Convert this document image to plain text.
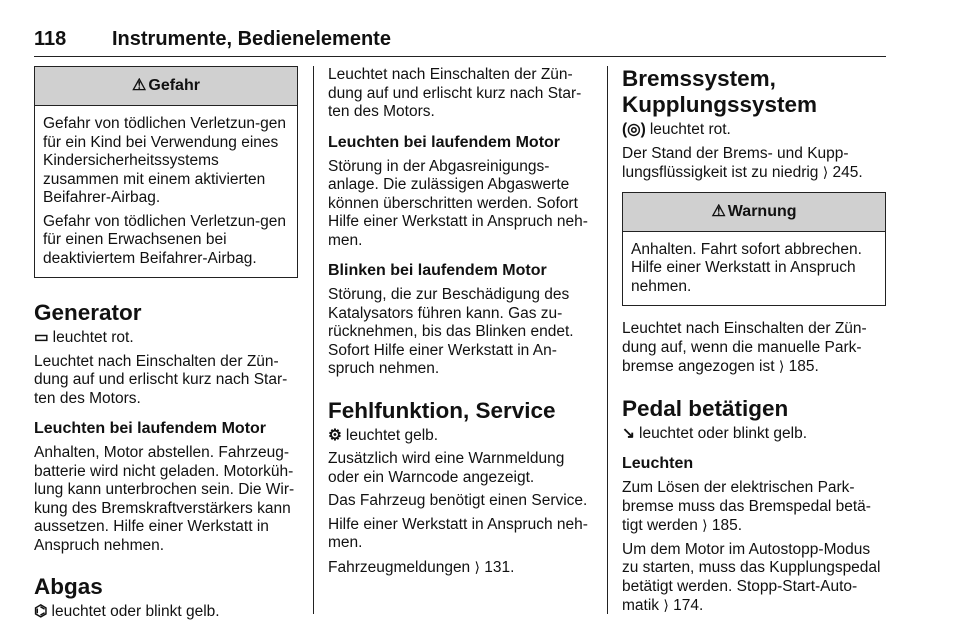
118 Instrumente, Bedienelemente
⚠ Gefahr

Gefahr von tödlichen Verletzun-gen für ein Kind bei Verwendung eines Kindersicherheitssystems zusammen mit einem aktivierten Beifahrer-Airbag.

Gefahr von tödlichen Verletzun-gen für einen Erwachsenen bei deaktiviertem Beifahrer-Airbag.

Generator

▭ leuchtet rot.

Leuchtet nach Einschalten der Zün-dung auf und erlischt kurz nach Star-ten des Motors.

Leuchten bei laufendem Motor

Anhalten, Motor abstellen. Fahrzeug-batterie wird nicht geladen. Motorküh-lung kann unterbrochen sein. Die Wir-kung des Bremskraftverstärkers kann aussetzen. Hilfe einer Werkstatt in Anspruch nehmen.

Abgas

⌬ leuchtet oder blinkt gelb.

Leuchtet nach Einschalten der Zün-dung auf und erlischt kurz nach Star-ten des Motors.

Leuchten bei laufendem Motor

Störung in der Abgasreinigungs-anlage. Die zulässigen Abgaswerte können überschritten werden. Sofort Hilfe einer Werkstatt in Anspruch neh-men.

Blinken bei laufendem Motor

Störung, die zur Beschädigung des Katalysators führen kann. Gas zu-rücknehmen, bis das Blinken endet. Sofort Hilfe einer Werkstatt in An-spruch nehmen.

Fehlfunktion, Service

⚙ leuchtet gelb.

Zusätzlich wird eine Warnmeldung oder ein Warncode angezeigt.

Das Fahrzeug benötigt einen Service.

Hilfe einer Werkstatt in Anspruch neh-men.

Fahrzeugmeldungen ⟩ 131.

Bremssystem, Kupplungssystem

(◎) leuchtet rot.

Der Stand der Brems- und Kupp-lungsflüssigkeit ist zu niedrig ⟩ 245.

⚠ Warnung

Anhalten. Fahrt sofort abbrechen. Hilfe einer Werkstatt in Anspruch nehmen.

Leuchtet nach Einschalten der Zün-dung auf, wenn die manuelle Park-bremse angezogen ist ⟩ 185.

Pedal betätigen

↘ leuchtet oder blinkt gelb.

Leuchten

Zum Lösen der elektrischen Park-bremse muss das Bremspedal betä-tigt werden ⟩ 185.

Um dem Motor im Autostopp-Modus zu starten, muss das Kupplungspedal betätigt werden. Stopp-Start-Auto-matik ⟩ 174.
